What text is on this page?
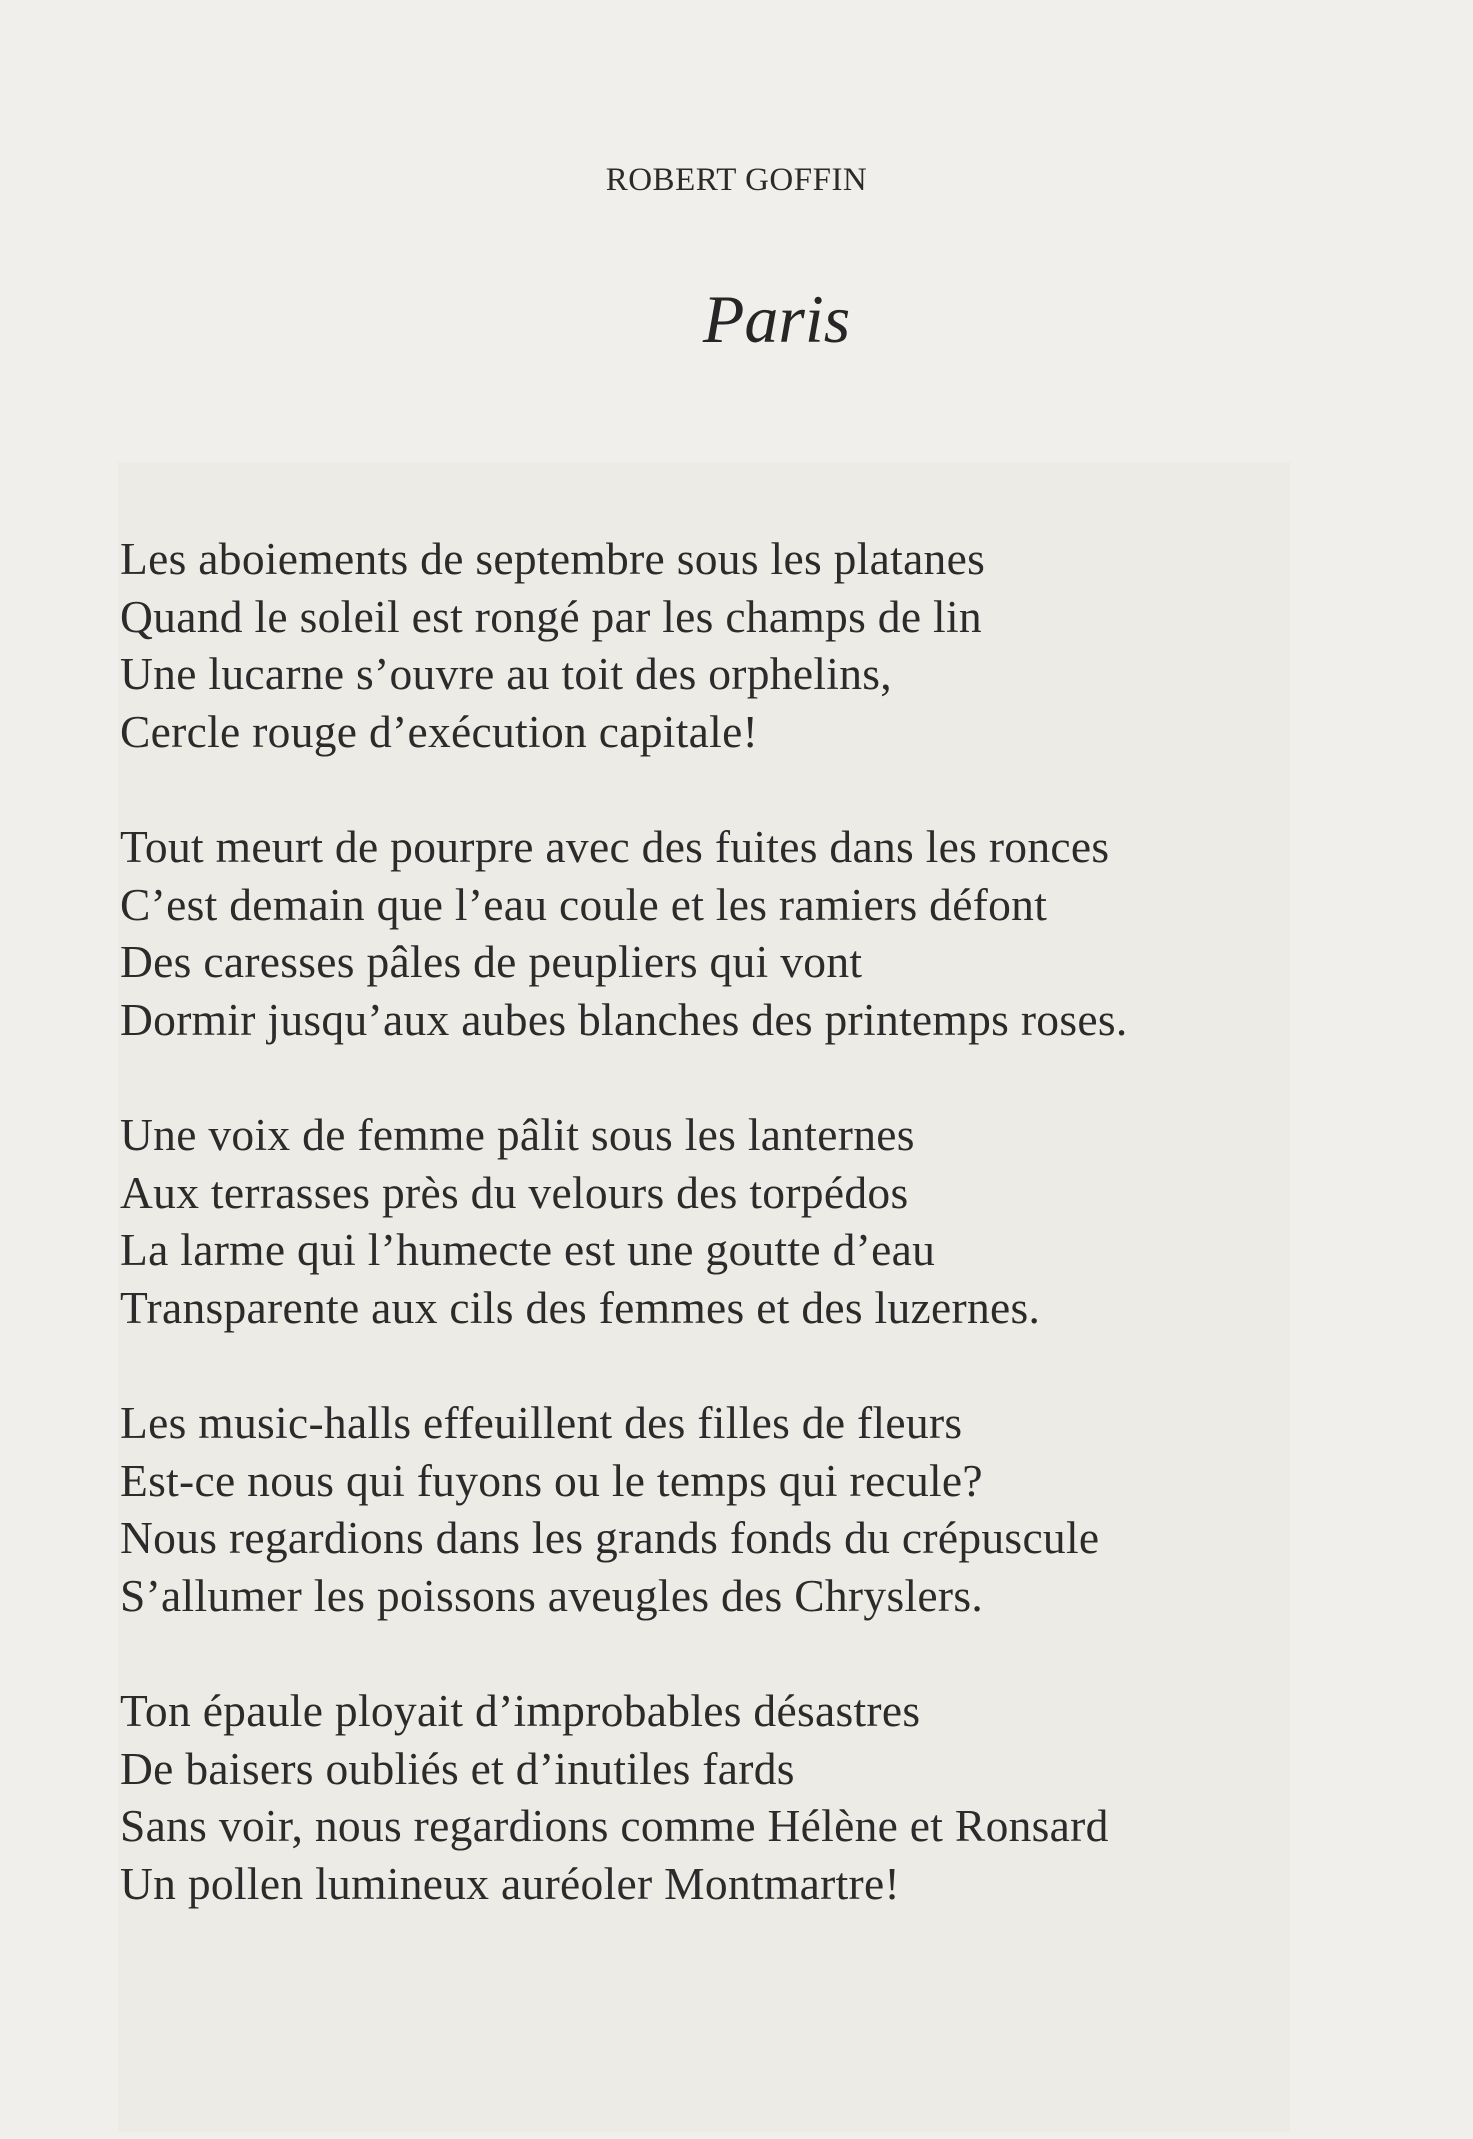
ROBERT GOFFIN
Paris
Les aboiements de septembre sous les platanes
Quand le soleil est rongé par les champs de lin
Une lucarne s’ouvre au toit des orphelins,
Cercle rouge d’exécution capitale!
Tout meurt de pourpre avec des fuites dans les ronces
C’est demain que l’eau coule et les ramiers défont
Des caresses pâles de peupliers qui vont
Dormir jusqu’aux aubes blanches des printemps roses.
Une voix de femme pâlit sous les lanternes
Aux terrasses près du velours des torpédos
La larme qui l’humecte est une goutte d’eau
Transparente aux cils des femmes et des luzernes.
Les music-halls effeuillent des filles de fleurs
Est-ce nous qui fuyons ou le temps qui recule?
Nous regardions dans les grands fonds du crépuscule
S’allumer les poissons aveugles des Chryslers.
Ton épaule ployait d’improbables désastres
De baisers oubliés et d’inutiles fards
Sans voir, nous regardions comme Hélène et Ronsard
Un pollen lumineux auréoler Montmartre!
